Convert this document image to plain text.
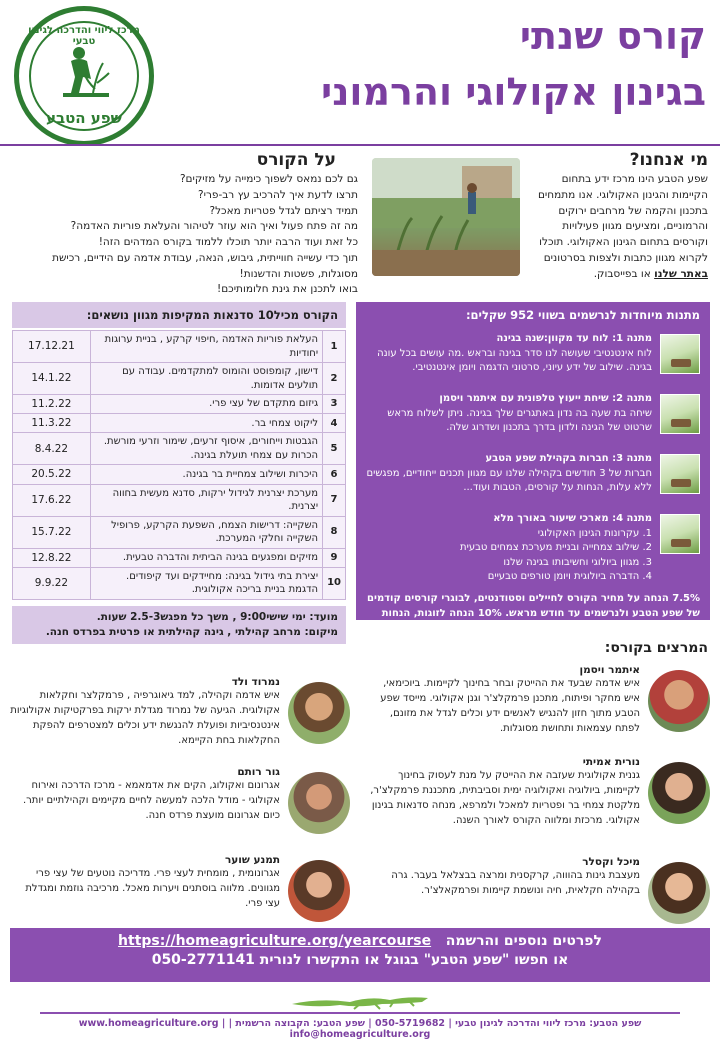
קורס שנתי
בגינון אקולוגי והרמוני
מרכז ליווי והדרכה לגינון טבעי
שפע הטבע
מי אנחנו?
שפע הטבע הינו מרכז ידע בתחום הקיימות והגינון האקולוגי. אנו מתמחים בתכנון והקמה של מרחבים ירוקים והרמוניים, ומציעים מגוון פעילויות וקורסים בתחום הגינון האקולוגי. תוכלו לקרוא מגוון כתבות ולצפות בסרטונים באתר שלנו או בפייסבוק.
על הקורס
גם לכם נמאס לשפוך כימייה על מזיקים?
תרצו לדעת איך להרכיב עץ רב-פרי?
תמיד רציתם לגדל פטריות מאכל?
מה זה פתח פעול ואיך הוא עוזר לטיהור והעלאת פוריות האדמה?
כל זאת ועוד הרבה יותר תוכלו ללמוד בקורס המדהים הזה!
תוך כדי עשייה חווייתית, גיבוש, הנאה, עבודת אדמה עם הידיים, רכישת מסוגלות, פשטות והדשנות!
בואו לתכנן את גינת חלומותיכם!
הקורס מכיל10 סדנאות המקיפות מגוון נושאים:
1	העלאת פוריות האדמה ,חיפוי קרקע , בניית ערוגות יחודיות	17.12.21
2	דישון, קומפוסט והומוס למתקדמים. עבודה עם תולעים אדומות.	14.1.22
3	גיזום מתקדם של עצי פרי.	11.2.22
4	ליקוט צמחי בר.	11.3.22
5	הגבטות וייחורים, איסוף זרעים, שימור וזרעי מורשת. הכרות עם צמחי תועלת בגינה.	8.4.22
6	היכרות ושילוב צמחיית בר בגינה.	20.5.22
7	מערכת יצרנית לגידול ירקות, סדנא מעשית בחווה יצרנית.	17.6.22
8	השקייה: דרישות הצמח, השפעת הקרקע, פרופיל השקייה וחלקי המערכת.	15.7.22
9	מזיקים ומפגעים בגינה הביתית והדברה טבעית.	12.8.22
10	יצירת בתי גידול בגינה: מחיידקים ועד קיפודים. הדגמת בניית בריכה אקולוגית.	9.9.22
מועד: ימי שישי9:00 , משך כל מפגש2.5-3 שעות.
מיקום: מרחב קהילתי , גינה קהילתית או פרטית בפרדס חנה.
מתנות מיוחדות לנרשמים בשווי 952 שקלים:
מתנה 1: לוח עד מקוון:שנה בגינה
לוח אינטנטיבי שעושה לנו סדר בגינה ובראש .מה עושים בכל עונה בגינה. שילוב של ידע עיוני, סרטוני הדגמה ויומן אינטנטיבי.
מתנה 2: שיחת ייעוץ טלפונית עם איתמר ויסמן
שיחה בת שעה בה נדון באתגרים שלך בגינה. ניתן לשלוח מראש שרטוט של הגינה ולדון בדרך בתכנון ושדרוג שלה.
מתנה 3: חברות בקהילת שפע הטבע
חברות של 3 חודשים בקהילה שלנו עם מגוון תכנים ייחודיים, מפגשים ללא עלות, הנחות על קורסים, הטבות ועוד...
מתנה 4: מארכי שיעור באורך מלא
1. עקרונות הגינון האקולוגי
2. שילוב צמחייה ובניית מערכת צמחים טבעית
3. מגוון ביולוגי וחשיבותו בגינה שלנו
4. הדברה ביולוגית ויומן טורפים טבעיים
7.5% הנחה על מחיר הקורס לחיילים וסטודנטים, לבוגרי קורסים קודמים של שפע הטבע ולנרשמים עד חודש מראש. 10% הנחה לזוגות, הנחות מיוחדות לחברי קהילת שפע הטבע (ללא כפל הנחות).
המרצים בקורס:
איתמר ויסמן
איש אדמה שבעד את ההייטק ובחר בחינוך לקיימות. ביוכימאי, איש מחקר ופיתוח, מתכנן פרמקלצ'ר וגנן אקולוגי. מייסד שפע הטבע מתוך חזון להנגיש לאנשים ידע וכלים לגדל את מזונם, לפתח עצמאות ותחושת מסוגלות.
נורית אמיתי
גננית אקולוגית שעזבה את ההייטק על מנת לעסוק בחינוך לקיימות, ביולוגיה ואקולוגיה ימית וסביבתית, מתכננת פרמקלצ'ר, מלקטת צמחי בר ופטריות למאכל ולמרפא, מנחה סדנאות בגינון אקולוגי. מרכזת ומלווה הקורס לאורך השנה.
מיכל וקסלר
מעצבת גינות בהוווה, קרקסנית ומרצה בבצלאל בעבר. גרה בקהילה חקלאית, חיה ונושמת קיימות ופרמקאלצ'ר.
נמרוד ולד
איש אדמה וקהילה, למד גיאוגרפיה , פרמקלצר וחקלאות אקולוגית. הגיעה של נמרוד מגדלת ירקות בפרקטיקות אקולוגיות אינטנסיביות ופועלת להנגשת ידע וכלים למצטרפים להפקת החקלאות בחת הקיימא.
גור רותם
אגרונום ואקולוג, הקים את אדמאמא - מרכז הדרכה ואירוח אקולוגי - מודל הלכה למעשה לחיים מקיימים וקהילתיים יותר. כיום אגרונום מועצת פרדס חנה.
תמנע שוער
אגרונומית , מומחית לעצי פרי. מדריכה נוטעים של עצי פרי מגוונים. מלווה בוסתנים ויערות מאכל. מרכיבה גוזמת ומגדלת עצי פרי.
לפרטים נוספים והרשמה   https://homeagriculture.org/yearcourse
או חפשו "שפע הטבע" בגוגל או התקשרו לנורית 050-2771141
שפע הטבע: מרכז ליווי והדרכה לגינון טבעי | 050-5719682 | שפע הטבע: הקבוצה הרשמית | www.homeagriculture.org | info@homeagriculture.org
